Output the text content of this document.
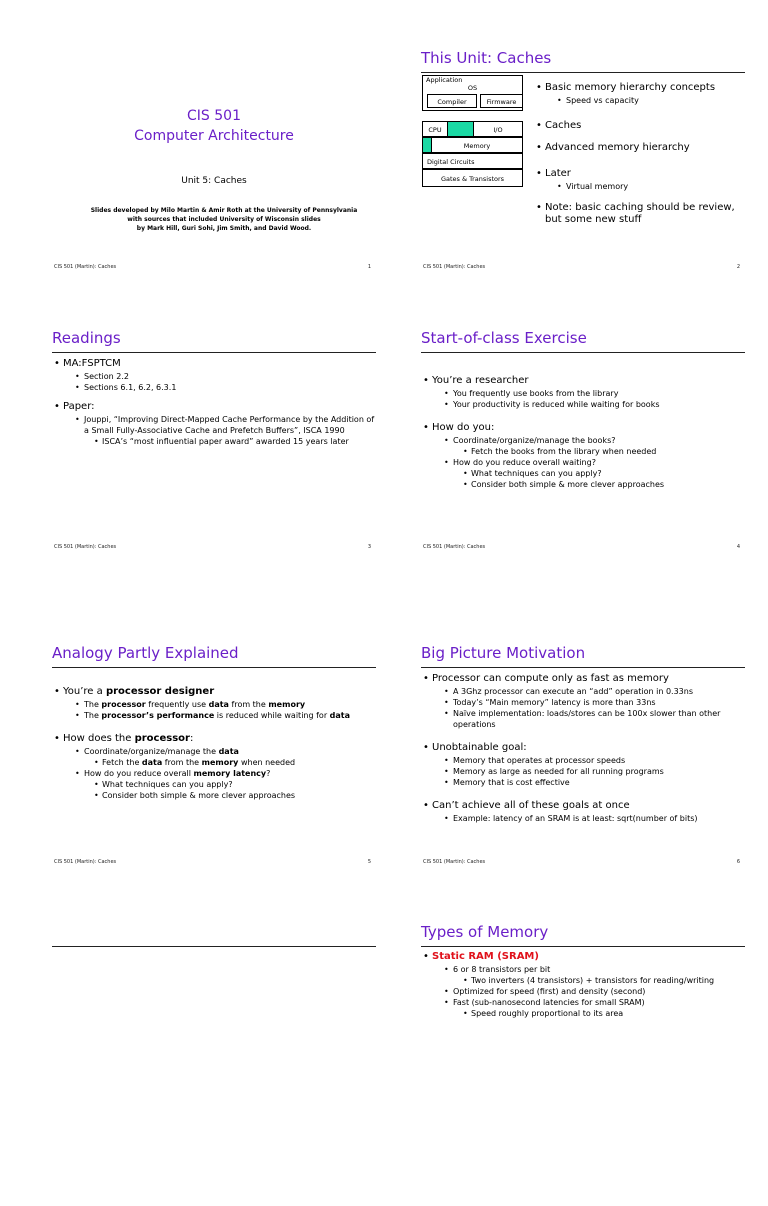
CIS 501
Computer Architecture
Unit 5: Caches
Slides developed by Milo Martin & Amir Roth at the University of Pennsylvania
with sources that included University of Wisconsin slides
by Mark Hill, Guri Sohi, Jim Smith, and David Wood.
CIS 501 (Martin): Caches	1
This Unit: Caches
Application
OS
Compiler	Firmware
CPU	I/O
Memory
Digital Circuits
Gates & Transistors
• Basic memory hierarchy concepts
• Speed vs capacity
• Caches
• Advanced memory hierarchy
• Later
• Virtual memory
• Note: basic caching should be review, but some new stuff
CIS 501 (Martin): Caches	2
Readings
• MA:FSPTCM
• Section 2.2
• Sections 6.1, 6.2, 6.3.1
• Paper:
• Jouppi, “Improving Direct-Mapped Cache Performance by the Addition of a Small Fully-Associative Cache and Prefetch Buffers”, ISCA 1990
• ISCA’s “most influential paper award” awarded 15 years later
CIS 501 (Martin): Caches	3
Start-of-class Exercise
• You’re a researcher
• You frequently use books from the library
• Your productivity is reduced while waiting for books
• How do you:
• Coordinate/organize/manage the books?
• Fetch the books from the library when needed
• How do you reduce overall waiting?
• What techniques can you apply?
• Consider both simple & more clever approaches
CIS 501 (Martin): Caches	4
Analogy Partly Explained
• You’re a processor designer
• The processor frequently use data from the memory
• The processor’s performance is reduced while waiting for data
• How does the processor:
• Coordinate/organize/manage the data
• Fetch the data from the memory when needed
• How do you reduce overall memory latency?
• What techniques can you apply?
• Consider both simple & more clever approaches
CIS 501 (Martin): Caches	5
Big Picture Motivation
• Processor can compute only as fast as memory
• A 3Ghz processor can execute an “add” operation in 0.33ns
• Today’s “Main memory” latency is more than 33ns
• Naïve implementation: loads/stores can be 100x slower than other operations
• Unobtainable goal:
• Memory that operates at processor speeds
• Memory as large as needed for all running programs
• Memory that is cost effective
• Can’t achieve all of these goals at once
• Example: latency of an SRAM is at least: sqrt(number of bits)
CIS 501 (Martin): Caches	6
Types of Memory
• Static RAM (SRAM)
• 6 or 8 transistors per bit
• Two inverters (4 transistors) + transistors for reading/writing
• Optimized for speed (first) and density (second)
• Fast (sub-nanosecond latencies for small SRAM)
• Speed roughly proportional to its area
